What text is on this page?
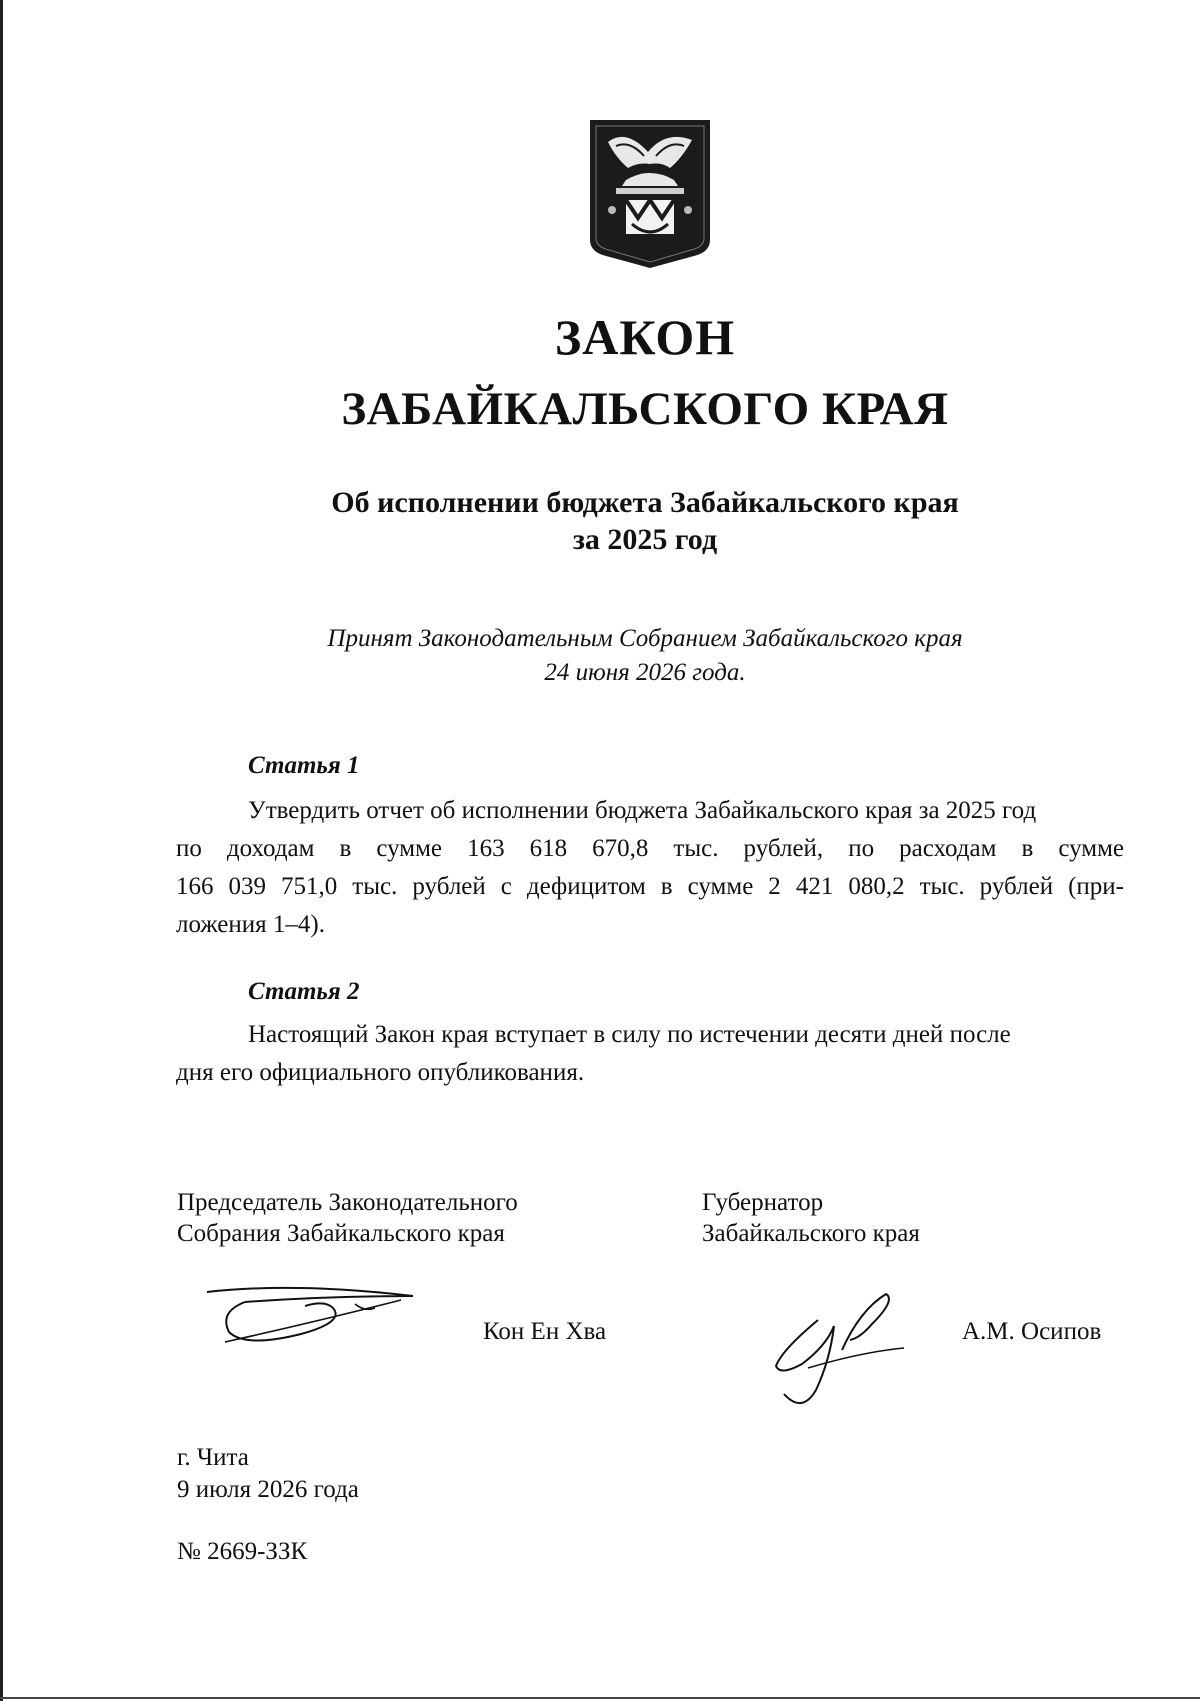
ЗАКОН
ЗАБАЙКАЛЬСКОГО КРАЯ
Об исполнении бюджета Забайкальского края
за 2025 год
Принят Законодательным Собранием Забайкальского края
24 июня 2026 года.
Статья 1
Утвердить отчет об исполнении бюджета Забайкальского края за 2025 год
по доходам в сумме 163 618 670,8 тыс. рублей, по расходам в сумме
166 039 751,0 тыс. рублей с дефицитом в сумме 2 421 080,2 тыс. рублей (при-
ложения 1–4).
Статья 2
Настоящий Закон края вступает в силу по истечении десяти дней после
дня его официального опубликования.
Председатель Законодательного
Собрания Забайкальского края
Кон Ен Хва
Губернатор
Забайкальского края
А.М. Осипов
г. Чита
9 июля 2026 года
№ 2669-ЗЗК
